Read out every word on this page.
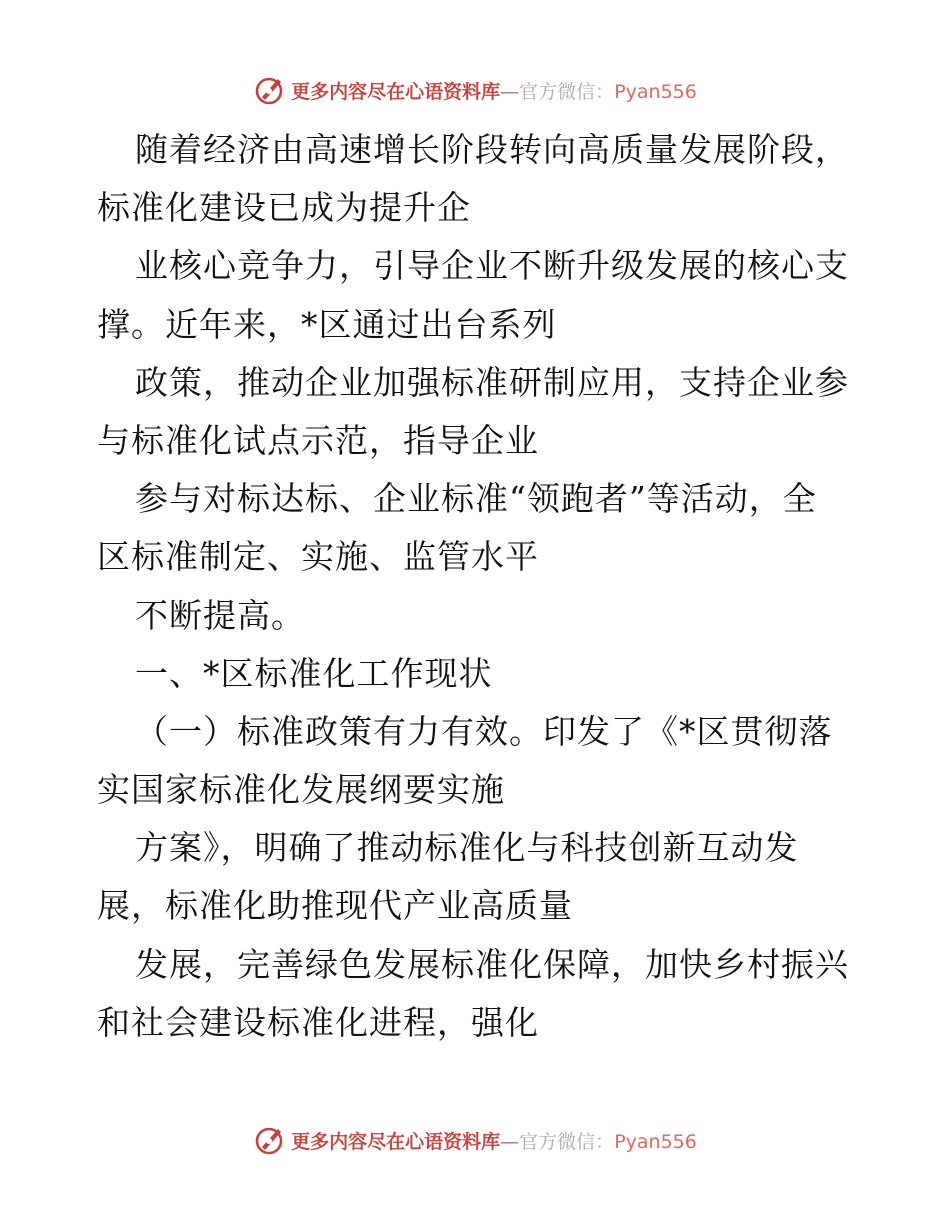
更多内容尽在心语资料库—官方微信：Pyan556
随着经济由高速增长阶段转向高质量发展阶段，
标准化建设已成为提升企
业核心竞争力，引导企业不断升级发展的核心支
撑。近年来，*区通过出台系列
政策，推动企业加强标准研制应用，支持企业参
与标准化试点示范，指导企业
参与对标达标、企业标准“领跑者”等活动，全
区标准制定、实施、监管水平
不断提高。
一、*区标准化工作现状
（一）标准政策有力有效。印发了《*区贯彻落
实国家标准化发展纲要实施
方案》，明确了推动标准化与科技创新互动发
展，标准化助推现代产业高质量
发展，完善绿色发展标准化保障，加快乡村振兴
和社会建设标准化进程，强化
更多内容尽在心语资料库—官方微信：Pyan556
